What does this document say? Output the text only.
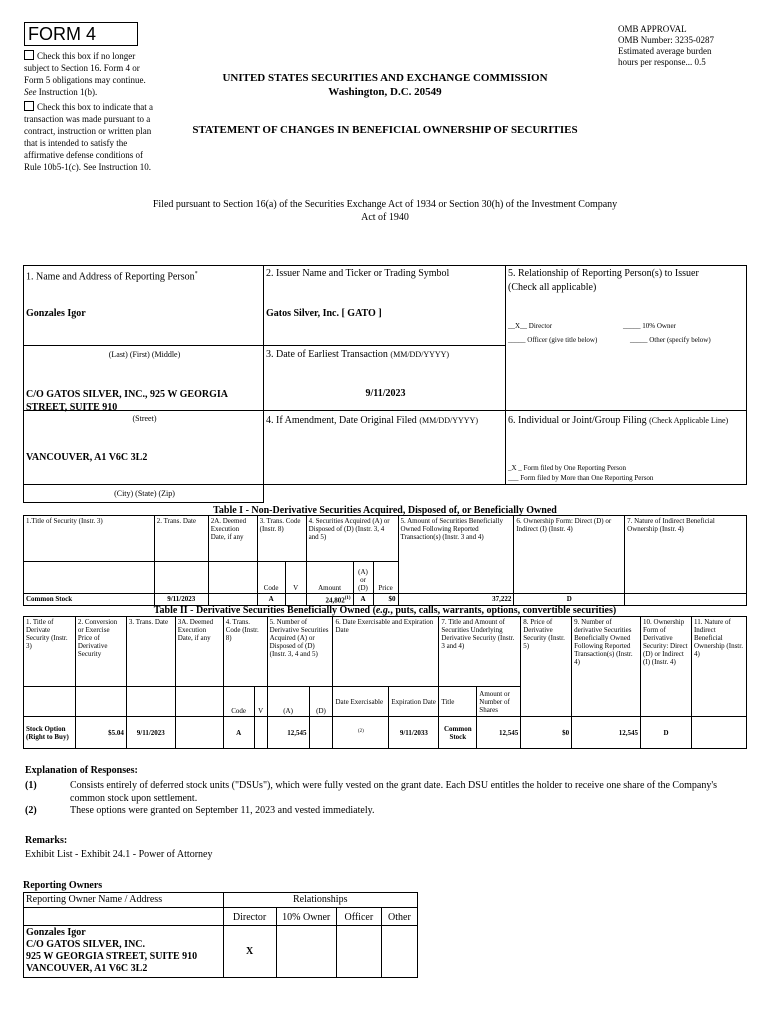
FORM 4
Check this box if no longer subject to Section 16. Form 4 or Form 5 obligations may continue. See Instruction 1(b).
Check this box to indicate that a transaction was made pursuant to a contract, instruction or written plan that is intended to satisfy the affirmative defense conditions of Rule 10b5-1(c). See Instruction 10.
UNITED STATES SECURITIES AND EXCHANGE COMMISSION
Washington, D.C. 20549
STATEMENT OF CHANGES IN BENEFICIAL OWNERSHIP OF SECURITIES
OMB APPROVAL
OMB Number: 3235-0287
Estimated average burden
hours per response... 0.5
Filed pursuant to Section 16(a) of the Securities Exchange Act of 1934 or Section 30(h) of the Investment Company Act of 1940
1. Name and Address of Reporting Person*
Gonzales Igor
(Last) (First) (Middle)
C/O GATOS SILVER, INC., 925 W GEORGIA STREET, SUITE 910
(Street)
VANCOUVER, A1 V6C 3L2
(City) (State) (Zip)
2. Issuer Name and Ticker or Trading Symbol
Gatos Silver, Inc. [ GATO ]
3. Date of Earliest Transaction (MM/DD/YYYY)
9/11/2023
4. If Amendment, Date Original Filed (MM/DD/YYYY)
5. Relationship of Reporting Person(s) to Issuer
(Check all applicable)
__X__ Director	_____ 10% Owner
_____ Officer (give title below)	_____ Other (specify below)
6. Individual or Joint/Group Filing (Check Applicable Line)
_X _ Form filed by One Reporting Person
___ Form filed by More than One Reporting Person
Table I - Non-Derivative Securities Acquired, Disposed of, or Beneficially Owned
1.Title of Security (Instr. 3)	2. Trans. Date	2A. Deemed Execution Date, if any	3. Trans. Code (Instr. 8)		4. Securities Acquired (A) or Disposed of (D) (Instr. 3, 4 and 5)			5. Amount of Securities Beneficially Owned Following Reported Transaction(s) (Instr. 3 and 4)	6. Ownership Form: Direct (D) or Indirect (I) (Instr. 4)	7. Nature of Indirect Beneficial Ownership (Instr. 4)
			Code	V	Amount	(A) or (D)	Price			
Common Stock	9/11/2023		A		24,802$^{(1)}$	A	$0	37,222	D	
Table II - Derivative Securities Beneficially Owned (e.g., puts, calls, warrants, options, convertible securities)
1. Title of Derivate Security (Instr. 3)	2. Conversion or Exercise Price of Derivative Security	3. Trans. Date	3A. Deemed Execution Date, if any	4. Trans. Code (Instr. 8)		5. Number of Derivative Securities Acquired (A) or Disposed of (D) (Instr. 3, 4 and 5)		6. Date Exercisable and Expiration Date		7. Title and Amount of Securities Underlying Derivative Security (Instr. 3 and 4)		8. Price of Derivative Security (Instr. 5)	9. Number of derivative Securities Beneficially Owned Following Reported Transaction(s) (Instr. 4)	10. Ownership Form of Derivative Security: Direct (D) or Indirect (I) (Instr. 4)	11. Nature of Indirect Beneficial Ownership (Instr. 4)
				Code	V	(A)	(D)	Date Exercisable	Expiration Date	Title	Amount or Number of Shares				
Stock Option (Right to Buy)	$5.04	9/11/2023		A		12,545		$^{(2)}$	9/11/2033	Common Stock	12,545	$0	12,545	D	
Explanation of Responses:
(1)	Consists entirely of deferred stock units ("DSUs"), which were fully vested on the grant date. Each DSU entitles the holder to receive one share of the Company's common stock upon settlement.
(2)	These options were granted on September 11, 2023 and vested immediately.
Remarks:
Exhibit List - Exhibit 24.1 - Power of Attorney
Reporting Owners
Reporting Owner Name / Address	Relationships			
	Director	10% Owner	Officer	Other

Gonzales Igor
C/O GATOS SILVER, INC.
925 W GEORGIA STREET, SUITE 910
VANCOUVER, A1 V6C 3L2	X			
